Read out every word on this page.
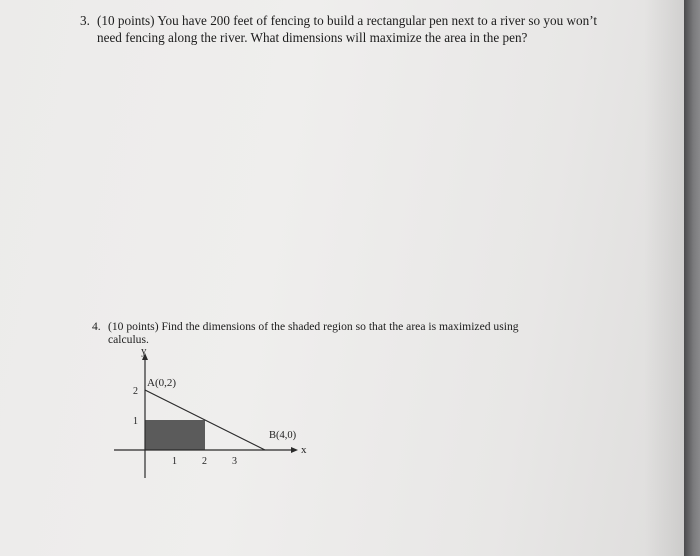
3. (10 points) You have 200 feet of fencing to build a rectangular pen next to a river so you won’t
need fencing along the river. What dimensions will maximize the area in the pen?
4. (10 points) Find the dimensions of the shaded region so that the area is maximized using
calculus.
y
x
A(0,2)
B(4,0)
2
1
1	2	3
